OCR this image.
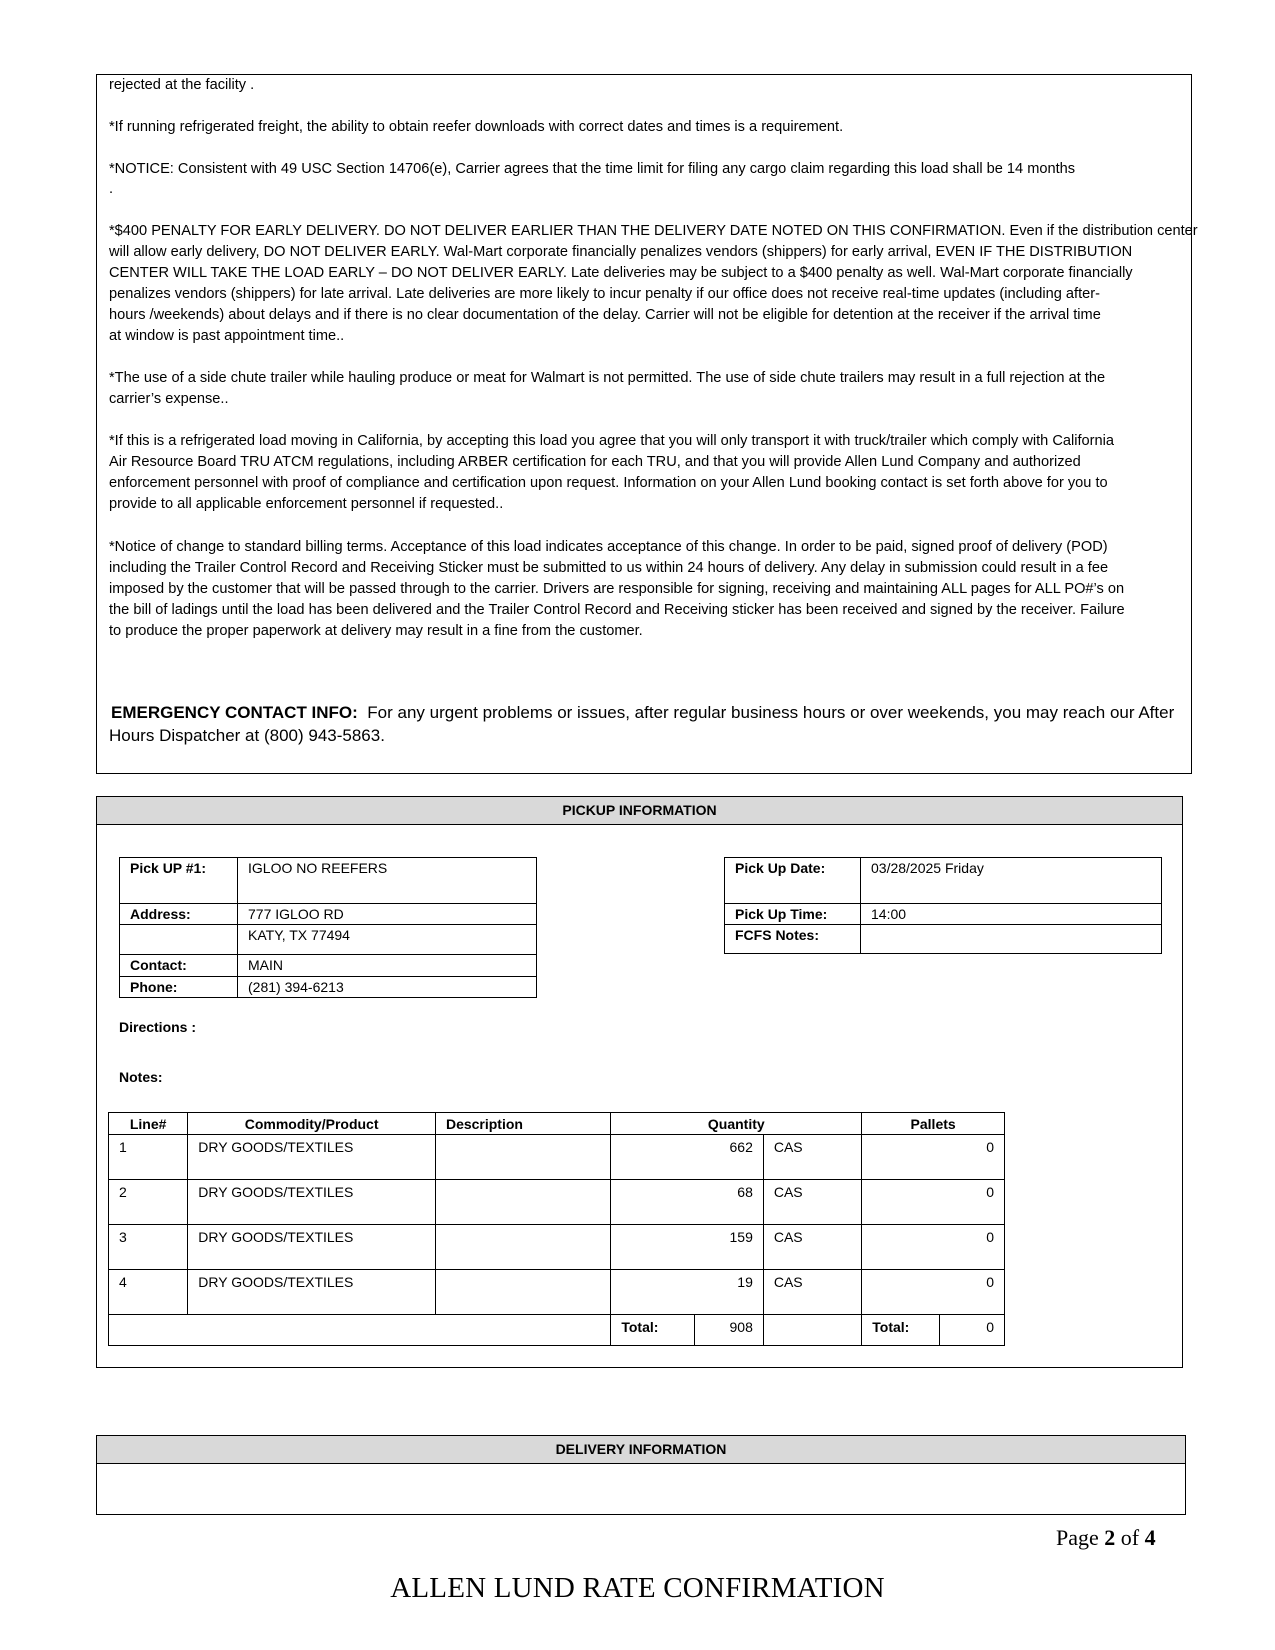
rejected at the facility .
*If running refrigerated freight, the ability to obtain reefer downloads with correct dates and times is a requirement.
*NOTICE: Consistent with 49 USC Section 14706(e), Carrier agrees that the time limit for filing any cargo claim regarding this load shall be 14 months
.
*$400 PENALTY FOR EARLY DELIVERY. DO NOT DELIVER EARLIER THAN THE DELIVERY DATE NOTED ON THIS CONFIRMATION. Even if the distribution center
will allow early delivery, DO NOT DELIVER EARLY. Wal-Mart corporate financially penalizes vendors (shippers) for early arrival, EVEN IF THE DISTRIBUTION
CENTER WILL TAKE THE LOAD EARLY – DO NOT DELIVER EARLY. Late deliveries may be subject to a $400 penalty as well. Wal-Mart corporate financially
penalizes vendors (shippers) for late arrival. Late deliveries are more likely to incur penalty if our office does not receive real-time updates (including after-
hours /weekends) about delays and if there is no clear documentation of the delay. Carrier will not be eligible for detention at the receiver if the arrival time
at window is past appointment time..
*The use of a side chute trailer while hauling produce or meat for Walmart is not permitted. The use of side chute trailers may result in a full rejection at the
carrier’s expense..
*If this is a refrigerated load moving in California, by accepting this load you agree that you will only transport it with truck/trailer which comply with California
Air Resource Board TRU ATCM regulations, including ARBER certification for each TRU, and that you will provide Allen Lund Company and authorized
enforcement personnel with proof of compliance and certification upon request. Information on your Allen Lund booking contact is set forth above for you to
provide to all applicable enforcement personnel if requested..
*Notice of change to standard billing terms. Acceptance of this load indicates acceptance of this change. In order to be paid, signed proof of delivery (POD)
including the Trailer Control Record and Receiving Sticker must be submitted to us within 24 hours of delivery. Any delay in submission could result in a fee
imposed by the customer that will be passed through to the carrier. Drivers are responsible for signing, receiving and maintaining ALL pages for ALL PO#’s on
the bill of ladings until the load has been delivered and the Trailer Control Record and Receiving sticker has been received and signed by the receiver. Failure
to produce the proper paperwork at delivery may result in a fine from the customer.
EMERGENCY CONTACT INFO: For any urgent problems or issues, after regular business hours or over weekends, you may reach our After
Hours Dispatcher at (800) 943-5863.
PICKUP INFORMATION
Pick UP #1:	IGLOO NO REEFERS
Address:	777 IGLOO RD
	KATY, TX 77494
Contact:	MAIN
Phone:	(281) 394-6213
Pick Up Date:	03/28/2025 Friday
Pick Up Time:	14:00
FCFS Notes:	
Directions :
Notes:
Line#	Commodity/Product	Description	Quantity			Pallets	
1	DRY GOODS/TEXTILES		662		CAS	0	
2	DRY GOODS/TEXTILES		68		CAS	0	
3	DRY GOODS/TEXTILES		159		CAS	0	
4	DRY GOODS/TEXTILES		19		CAS	0	
			Total:	908		Total:	0
DELIVERY INFORMATION
Page 2 of 4
ALLEN LUND RATE CONFIRMATION
